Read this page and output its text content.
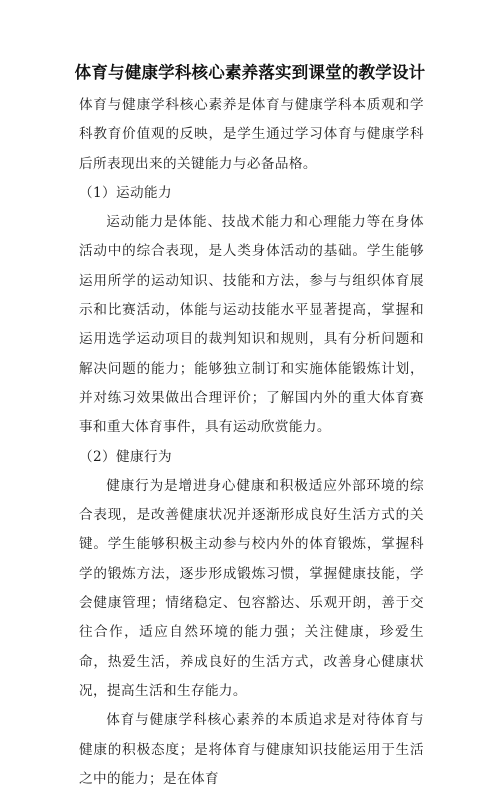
体育与健康学科核心素养落实到课堂的教学设计

体育与健康学科核心素养是体育与健康学科本质观和学科教育价值观的反映，是学生通过学习体育与健康学科后所表现出来的关键能力与必备品格。

（1）运动能力

运动能力是体能、技战术能力和心理能力等在身体活动中的综合表现，是人类身体活动的基础。学生能够运用所学的运动知识、技能和方法，参与与组织体育展示和比赛活动，体能与运动技能水平显著提高，掌握和运用选学运动项目的裁判知识和规则，具有分析问题和解决问题的能力；能够独立制订和实施体能锻炼计划，并对练习效果做出合理评价；了解国内外的重大体育赛事和重大体育事件，具有运动欣赏能力。

（2）健康行为

健康行为是增进身心健康和积极适应外部环境的综合表现，是改善健康状况并逐渐形成良好生活方式的关键。学生能够积极主动参与校内外的体育锻炼，掌握科学的锻炼方法，逐步形成锻炼习惯，掌握健康技能，学会健康管理；情绪稳定、包容豁达、乐观开朗，善于交往合作，适应自然环境的能力强；关注健康，珍爱生命，热爱生活，养成良好的生活方式，改善身心健康状况，提高生活和生存能力。

体育与健康学科核心素养的本质追求是对待体育与健康的积极态度；是将体育与健康知识技能运用于生活之中的能力；是在体育
